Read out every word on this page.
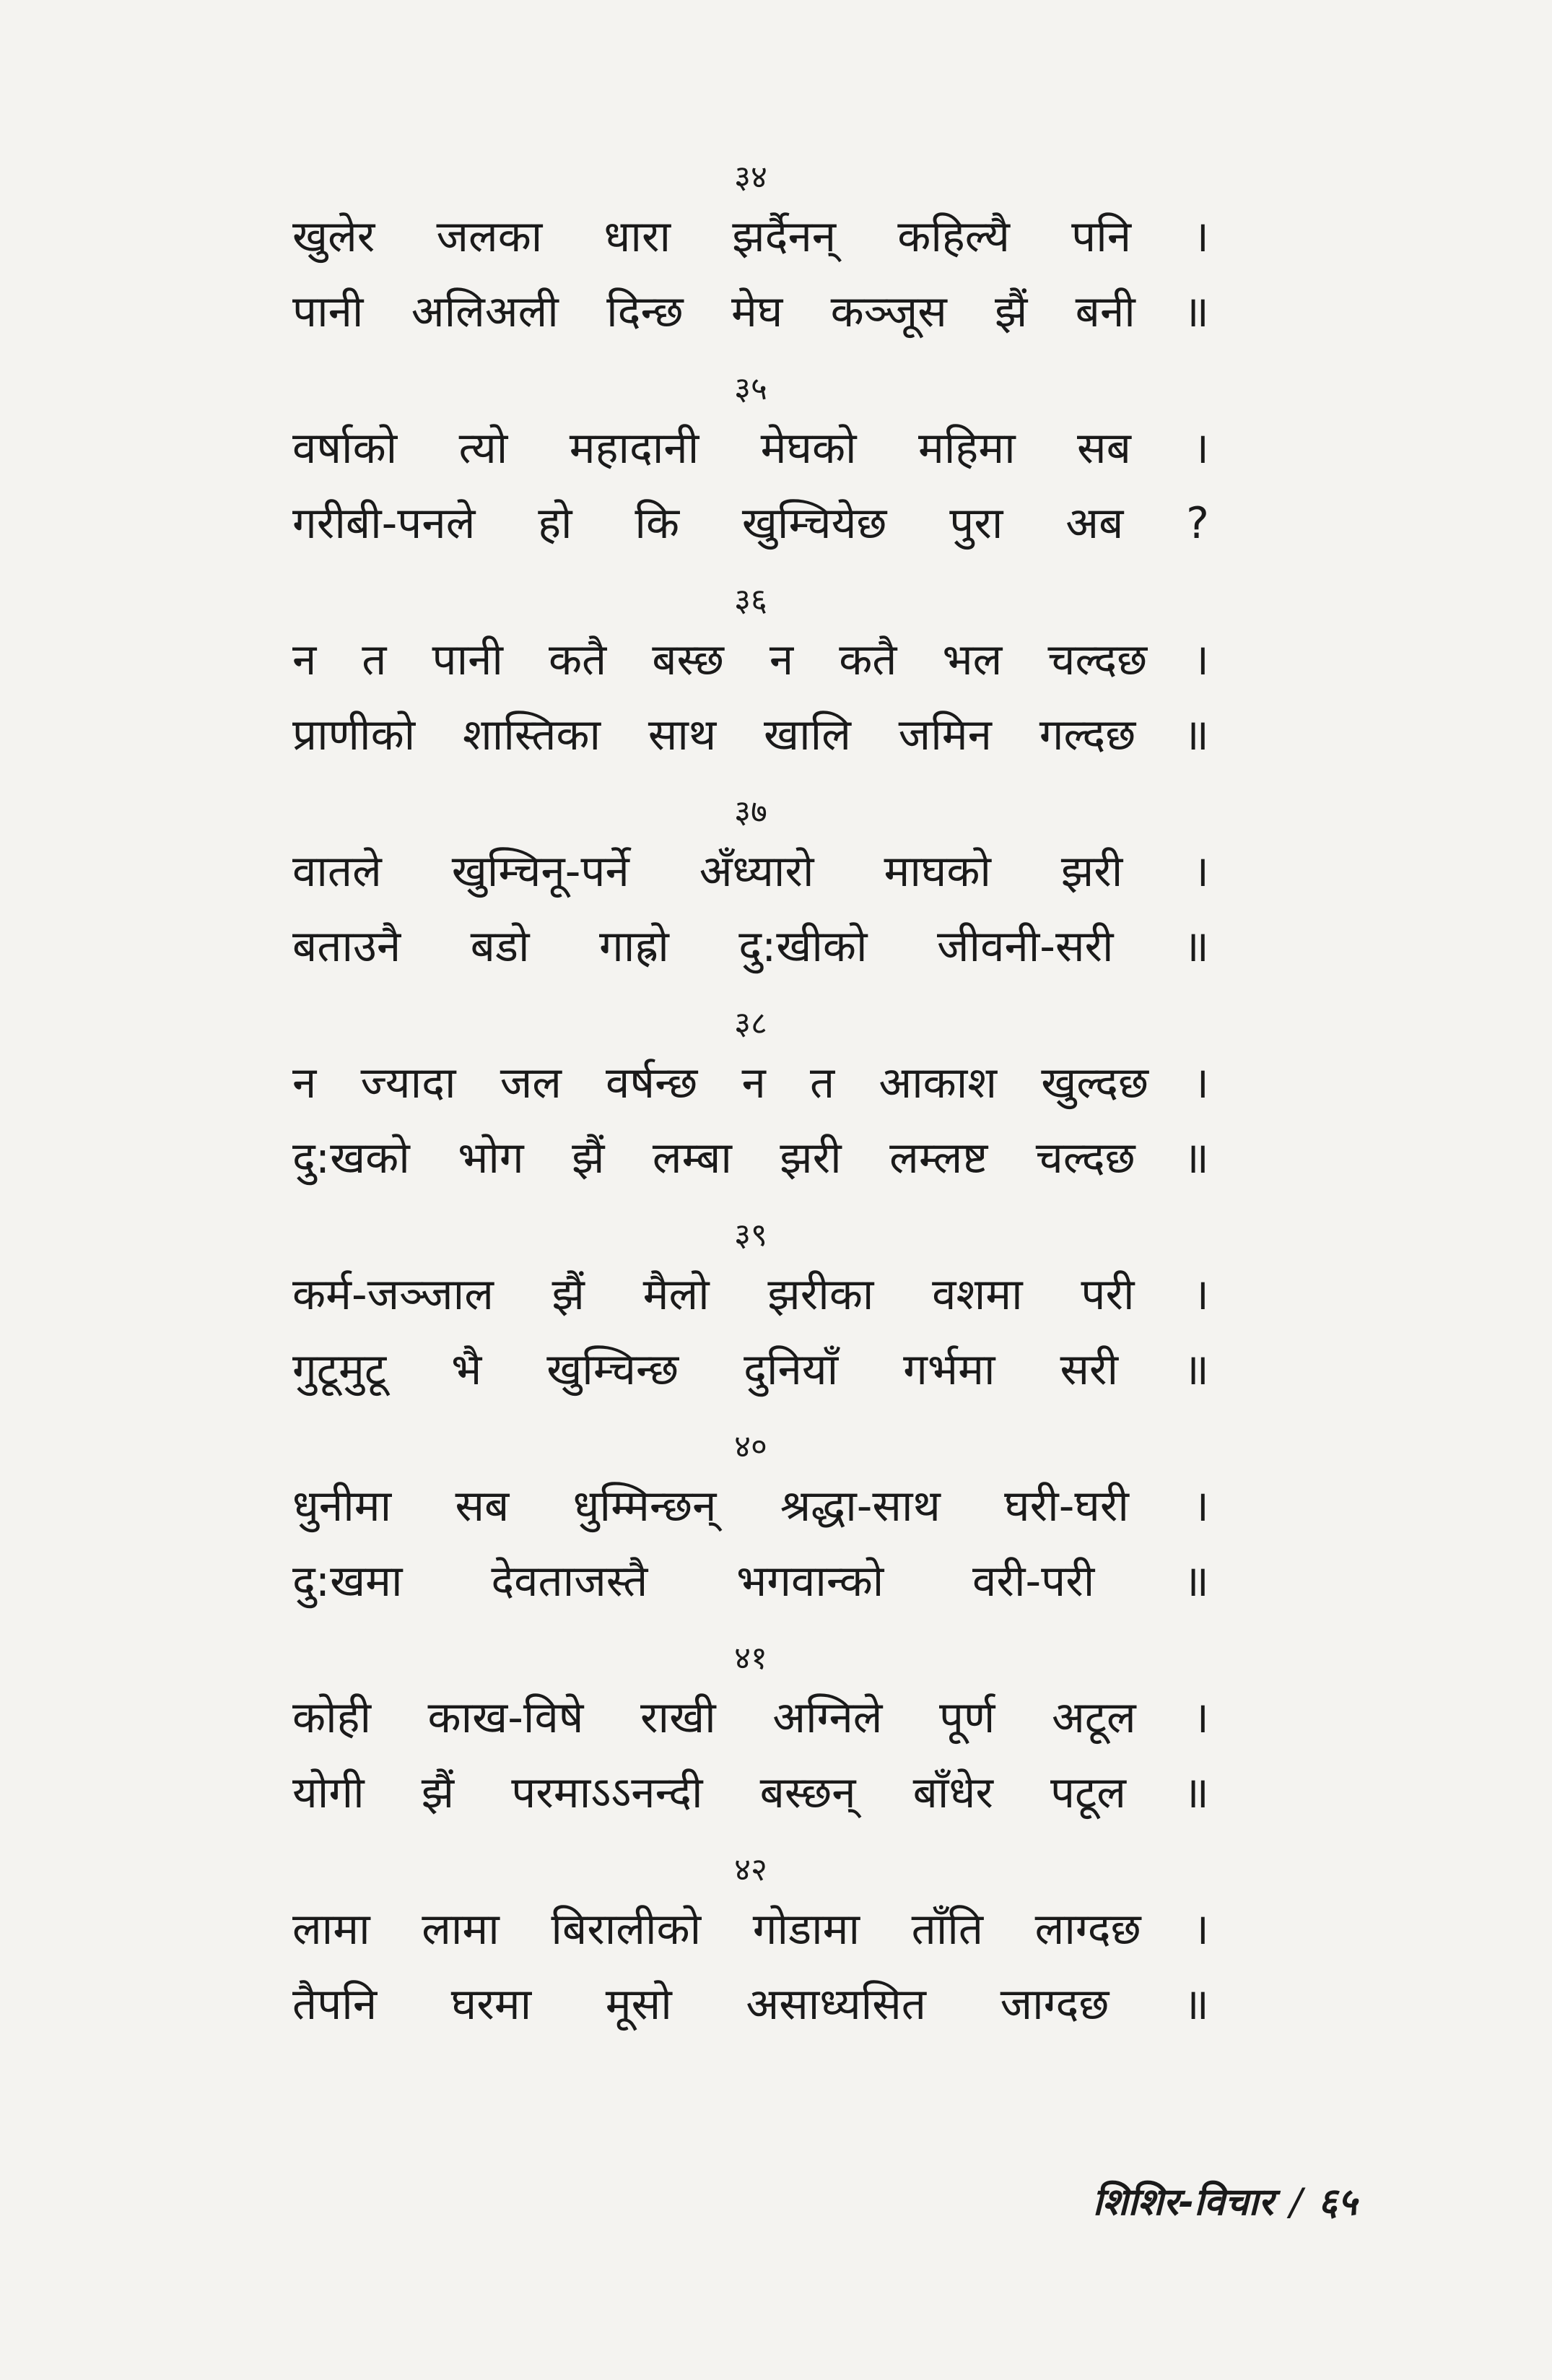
३४
खुलेर जलका धारा झर्दैनन् कहिल्यै पनि ।
पानी अलिअली दिन्छ मेघ कञ्जूस झैं बनी ॥
३५
वर्षाको त्यो महादानी मेघको महिमा सब ।
गरीबी-पनले हो कि खुम्चियेछ पुरा अब ?
३६
न त पानी कतै बस्छ न कतै भल चल्दछ ।
प्राणीको शास्तिका साथ खालि जमिन गल्दछ ॥
३७
वातले खुम्चिनू-पर्ने अँध्यारो माघको झरी ।
बताउनै बडो गाह्रो दु:खीको जीवनी-सरी ॥
३८
न ज्यादा जल वर्षन्छ न त आकाश खुल्दछ ।
दु:खको भोग झैं लम्बा झरी लम्लष्ट चल्दछ ॥
३९
कर्म-जञ्जाल झैं मैलो झरीका वशमा परी ।
गुटूमुटू भै खुम्चिन्छ दुनियाँ गर्भमा सरी ॥
४०
धुनीमा सब धुम्मिन्छन् श्रद्धा-साथ घरी-घरी ।
दु:खमा देवताजस्तै भगवान्को वरी-परी ॥
४१
कोही काख-विषे राखी अग्निले पूर्ण अटूल ।
योगी झैं परमाऽऽनन्दी बस्छन् बाँधेर पटूल ॥
४२
लामा लामा बिरालीको गोडामा ताँति लाग्दछ ।
तैपनि घरमा मूसो असाध्यसित जाग्दछ ॥
शिशिर-विचार / ६५
